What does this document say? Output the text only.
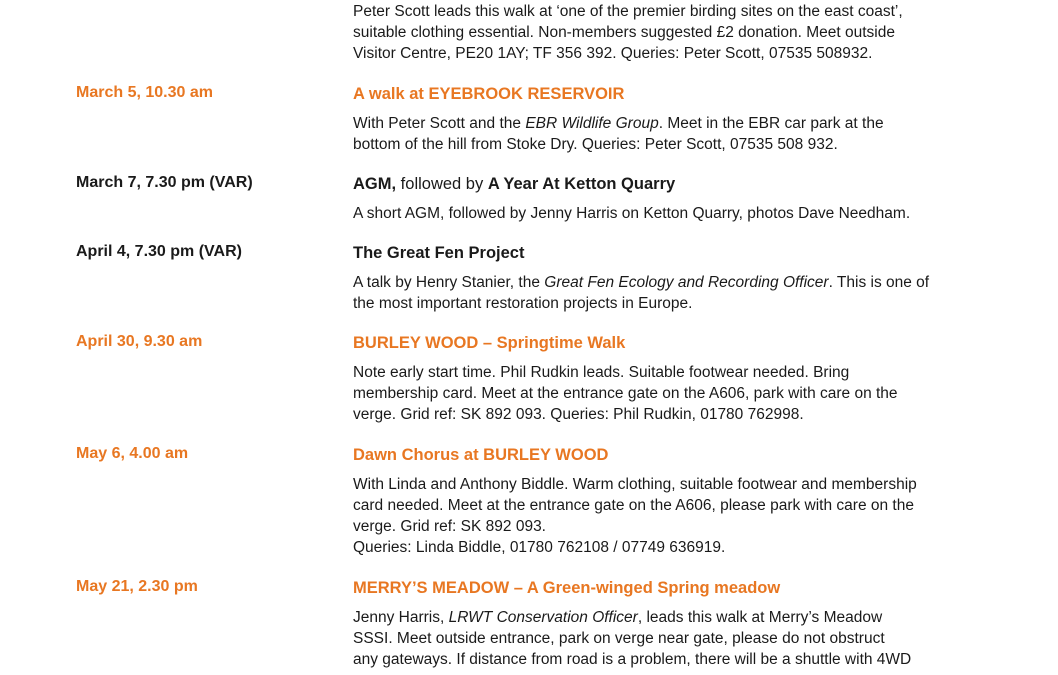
Peter Scott leads this walk at ‘one of the premier birding sites on the east coast’,
suitable clothing essential. Non-members suggested £2 donation. Meet outside
Visitor Centre, PE20 1AY; TF 356 392. Queries: Peter Scott, 07535 508932.
March 5, 10.30 am	A walk at EYEBROOK RESERVOIR
With Peter Scott and the EBR Wildlife Group. Meet in the EBR car park at the
bottom of the hill from Stoke Dry. Queries: Peter Scott, 07535 508 932.
March 7, 7.30 pm (VAR)	AGM, followed by A Year At Ketton Quarry
A short AGM, followed by Jenny Harris on Ketton Quarry, photos Dave Needham.
April 4, 7.30 pm (VAR)	The Great Fen Project
A talk by Henry Stanier, the Great Fen Ecology and Recording Officer. This is one of
the most important restoration projects in Europe.
April 30, 9.30 am	BURLEY WOOD – Springtime Walk
Note early start time. Phil Rudkin leads. Suitable footwear needed. Bring
membership card. Meet at the entrance gate on the A606, park with care on the
verge. Grid ref: SK 892 093. Queries: Phil Rudkin, 01780 762998.
May 6, 4.00 am	Dawn Chorus at BURLEY WOOD
With Linda and Anthony Biddle. Warm clothing, suitable footwear and membership
card needed. Meet at the entrance gate on the A606, please park with care on the
verge. Grid ref: SK 892 093.
Queries: Linda Biddle, 01780 762108 / 07749 636919.
May 21, 2.30 pm	MERRY’S MEADOW – A Green-winged Spring meadow
Jenny Harris, LRWT Conservation Officer, leads this walk at Merry’s Meadow
SSSI. Meet outside entrance, park on verge near gate, please do not obstruct
any gateways. If distance from road is a problem, there will be a shuttle with 4WD
